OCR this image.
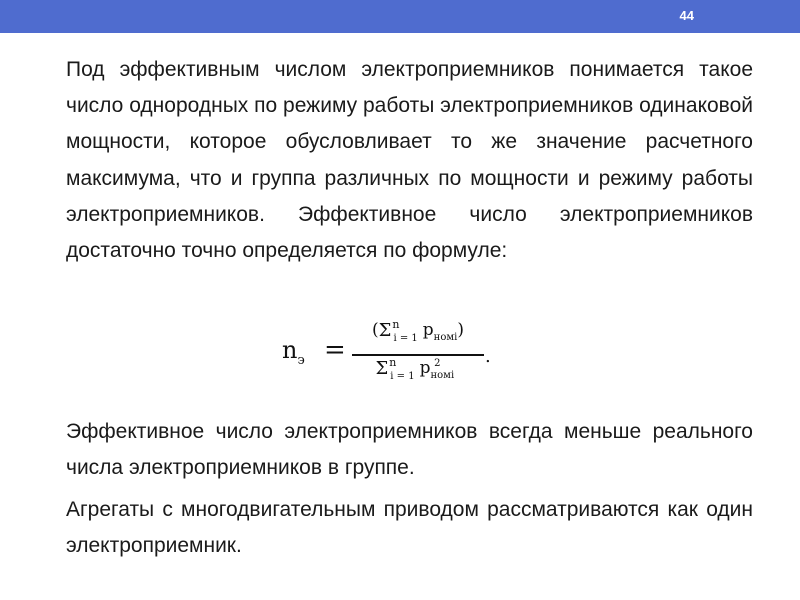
44

Под эффективным числом электроприемников понимается такое число однородных по режиму работы электроприемников одинаковой мощности, которое обусловливает то же значение расчетного максимума, что и группа различных по мощности и режиму работы электроприемников. Эффективное число электроприемников достаточно точно определяется по формуле:

$n_э$ =
($\Sigma^n_{i = 1}$ $p_{номi}$)
$\Sigma^n_{i = 1}$ $p_{номi}^2$	.

Эффективное число электроприемников всегда меньше реального числа электроприемников в группе.

Агрегаты с многодвигательным приводом рассматриваются как один электроприемник.
